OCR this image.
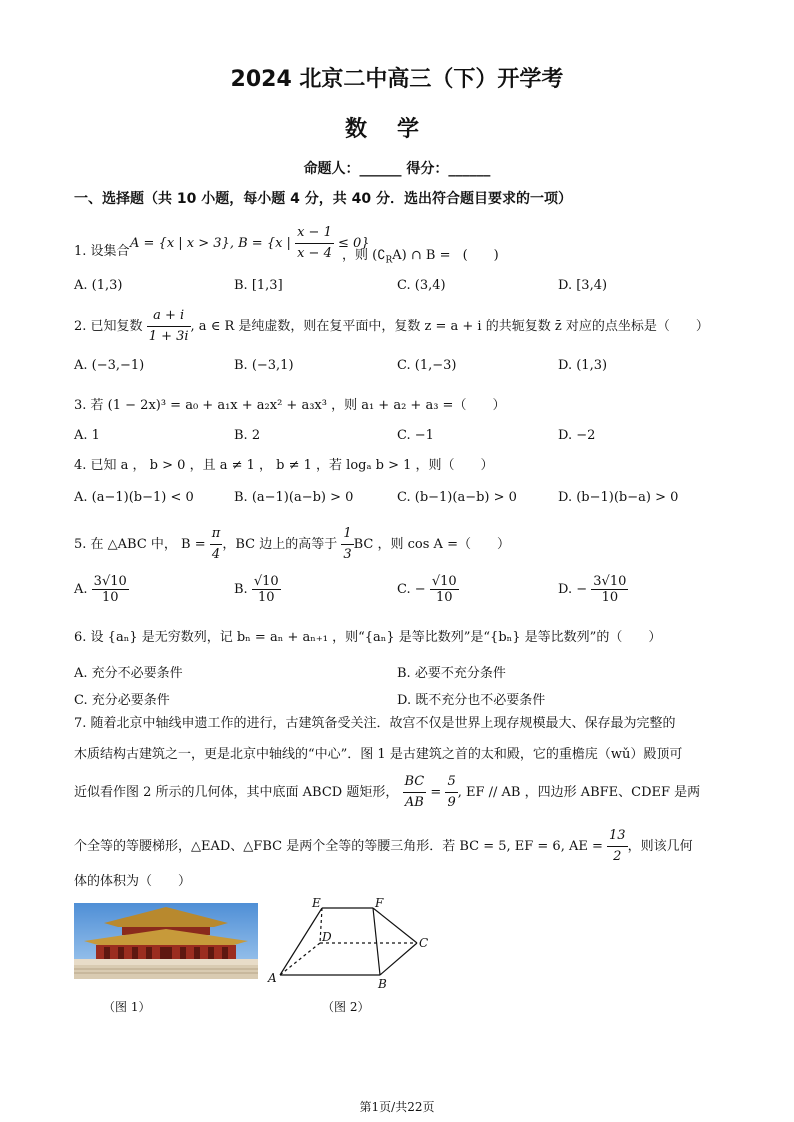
2024 北京二中高三（下）开学考
数学
命题人：______ 得分：______
一、选择题（共 10 小题，每小题 4 分，共 40 分．选出符合题目要求的一项）
1. 设集合
A = {x | x > 3}, B = {x | $\frac{x - 1}{x - 4} \le 0$}
，则 $(∁_RA)$ ∩ B = (　　)
A. (1,3)	B. [1,3]	C. (3,4)	D. [3,4)
2. 已知复数 $\frac{a + i}{1 + 3i}$ , a ∈ R 是纯虚数，则在复平面中，复数 z = a + i 的共轭复数 z̄ 对应的点坐标是（　　）
A. (−3,−1)	B. (−3,1)	C. (1,−3)	D. (1,3)
3. 若 (1 − 2x)³ = a₀ + a₁x + a₂x² + a₃x³ ，则 a₁ + a₂ + a₃ =（　　）
A. 1	B. 2	C. −1	D. −2
4. 已知 a ， b > 0 ，且 a ≠ 1 ， b ≠ 1 ，若 logₐ b > 1 ，则（　　）
A. (a−1)(b−1) < 0	B. (a−1)(a−b) > 0	C. (b−1)(a−b) > 0	D. (b−1)(b−a) > 0
5. 在 △ABC 中， $B = \frac{\pi}{4}$ ，BC 边上的高等于 $\frac{1}{3}$ BC ，则 cos A =（　　）
A. $\frac{3√10}{10}$	B. $\frac{√10}{10}$	C. − $\frac{√10}{10}$	D. − $\frac{3√10}{10}$
6. 设 {aₙ} 是无穷数列，记 bₙ = aₙ + aₙ₊₁ ，则“{aₙ} 是等比数列”是“{bₙ} 是等比数列”的（　　）
A. 充分不必要条件	B. 必要不充分条件
C. 充分必要条件	D. 既不充分也不必要条件
7. 随着北京中轴线申遗工作的进行，古建筑备受关注．故宫不仅是世界上现存规模最大、保存最为完整的
木质结构古建筑之一，更是北京中轴线的“中心”．图 1 是古建筑之首的太和殿，它的重檐庑（wǔ）殿顶可
近似看作图 2 所示的几何体，其中底面 ABCD 题矩形， $\frac{BC}{AB} = \frac{5}{9}$ , EF // AB ，四边形 ABFE、CDEF 是两
个全等的等腰梯形，△EAD、△FBC 是两个全等的等腰三角形．若 BC = 5, EF = 6, AE = $\frac{13}{2}$ ，则该几何
体的体积为（　　）
（图 1）
E	F
D	C
A	B
（图 2）
第1页/共22页
